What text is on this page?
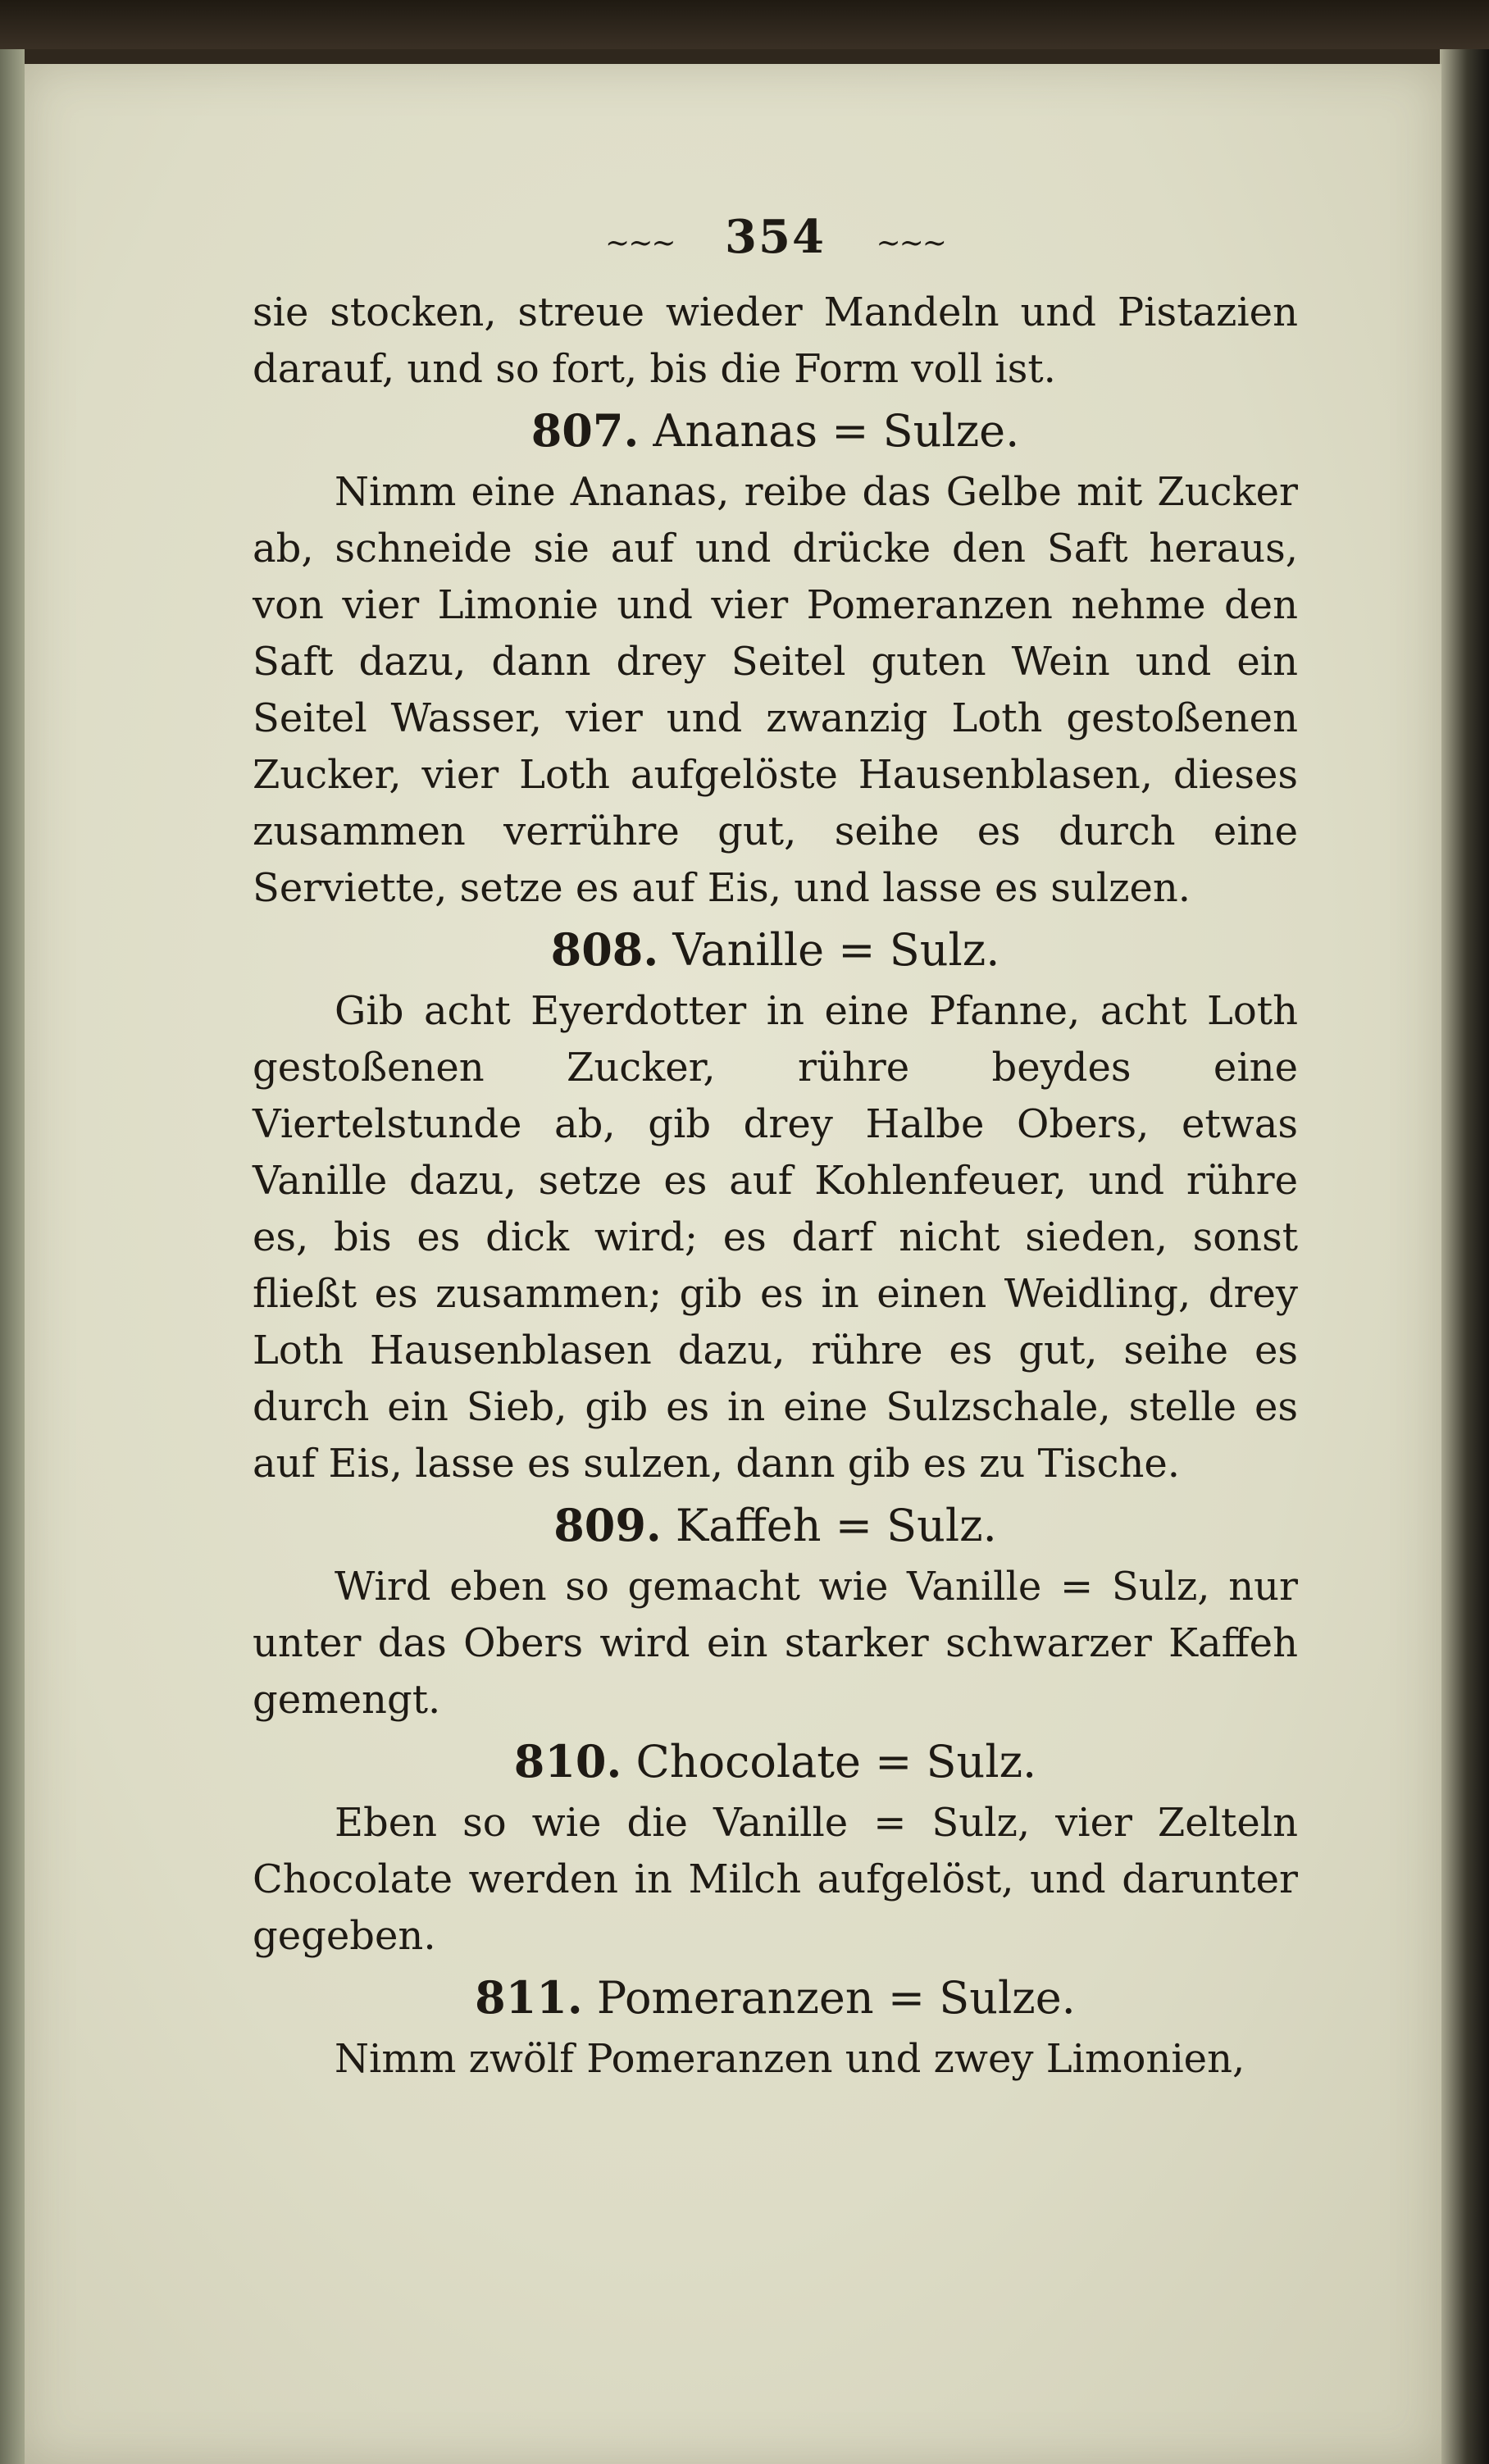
~~~ 354 ~~~

sie stocken, streue wieder Mandeln und Pistazien darauf, und so fort, bis die Form voll ist.

807. Ananas = Sulze.

Nimm eine Ananas, reibe das Gelbe mit Zucker ab, schneide sie auf und drücke den Saft heraus, von vier Limonie und vier Pomeranzen nehme den Saft dazu, dann drey Seitel guten Wein und ein Seitel Wasser, vier und zwanzig Loth gestoßenen Zucker, vier Loth aufgelöste Hausenblasen, dieses zusammen verrühre gut, seihe es durch eine Serviette, setze es auf Eis, und lasse es sulzen.

808. Vanille = Sulz.

Gib acht Eyerdotter in eine Pfanne, acht Loth gestoßenen Zucker, rühre beydes eine Viertelstunde ab, gib drey Halbe Obers, etwas Vanille dazu, setze es auf Kohlenfeuer, und rühre es, bis es dick wird; es darf nicht sieden, sonst fließt es zusammen; gib es in einen Weidling, drey Loth Hausenblasen dazu, rühre es gut, seihe es durch ein Sieb, gib es in eine Sulzschale, stelle es auf Eis, lasse es sulzen, dann gib es zu Tische.

809. Kaffeh = Sulz.

Wird eben so gemacht wie Vanille = Sulz, nur unter das Obers wird ein starker schwarzer Kaffeh gemengt.

810. Chocolate = Sulz.

Eben so wie die Vanille = Sulz, vier Zelteln Chocolate werden in Milch aufgelöst, und darunter gegeben.

811. Pomeranzen = Sulze.

Nimm zwölf Pomeranzen und zwey Limonien,
